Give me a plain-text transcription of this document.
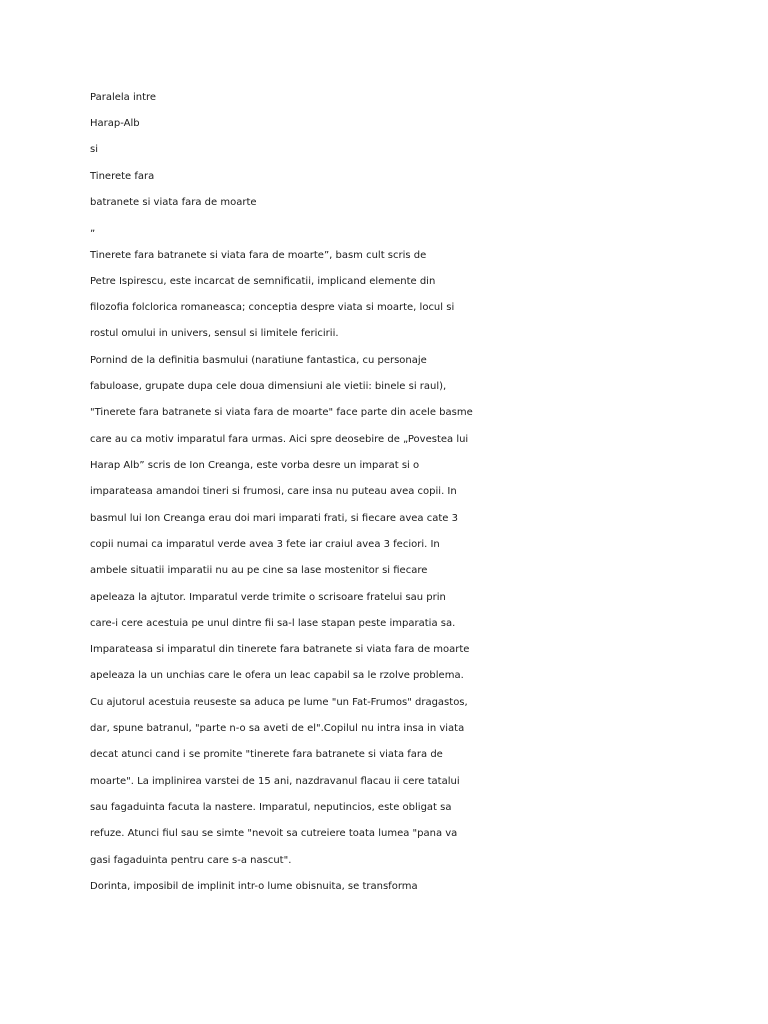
Paralela intre

Harap-Alb

si

Tinerete fara

batranete si viata fara de moarte

„

Tinerete fara batranete si viata fara de moarte”, basm cult scris de

Petre Ispirescu, este incarcat de semnificatii, implicand elemente din

filozofia folclorica romaneasca; conceptia despre viata si moarte, locul si

rostul omului in univers, sensul si limitele fericirii.

Pornind de la definitia basmului (naratiune fantastica, cu personaje

fabuloase, grupate dupa cele doua dimensiuni ale vietii: binele si raul),

"Tinerete fara batranete si viata fara de moarte" face parte din acele basme

care au ca motiv imparatul fara urmas. Aici spre deosebire de „Povestea lui

Harap Alb” scris de Ion Creanga, este vorba desre un imparat si o

imparateasa amandoi tineri si frumosi, care insa nu puteau avea copii. In

basmul lui Ion Creanga erau doi mari imparati frati, si fiecare avea cate 3

copii numai ca imparatul verde avea 3 fete iar craiul avea 3 feciori. In

ambele situatii imparatii nu au pe cine sa lase mostenitor si fiecare

apeleaza la ajtutor. Imparatul verde trimite o scrisoare fratelui sau prin

care-i cere acestuia pe unul dintre fii sa-l lase stapan peste imparatia sa.

Imparateasa si imparatul din tinerete fara batranete si viata fara de moarte

apeleaza la un unchias care le ofera un leac capabil sa le rzolve problema.

Cu ajutorul acestuia reuseste sa aduca pe lume "un Fat-Frumos" dragastos,

dar, spune batranul, "parte n-o sa aveti de el".Copilul nu intra insa in viata

decat atunci cand i se promite "tinerete fara batranete si viata fara de

moarte". La implinirea varstei de 15 ani, nazdravanul flacau ii cere tatalui

sau fagaduinta facuta la nastere. Imparatul, neputincios, este obligat sa

refuze. Atunci fiul sau se simte "nevoit sa cutreiere toata lumea "pana va

gasi fagaduinta pentru care s-a nascut".

Dorinta, imposibil de implinit intr-o lume obisnuita, se transforma
